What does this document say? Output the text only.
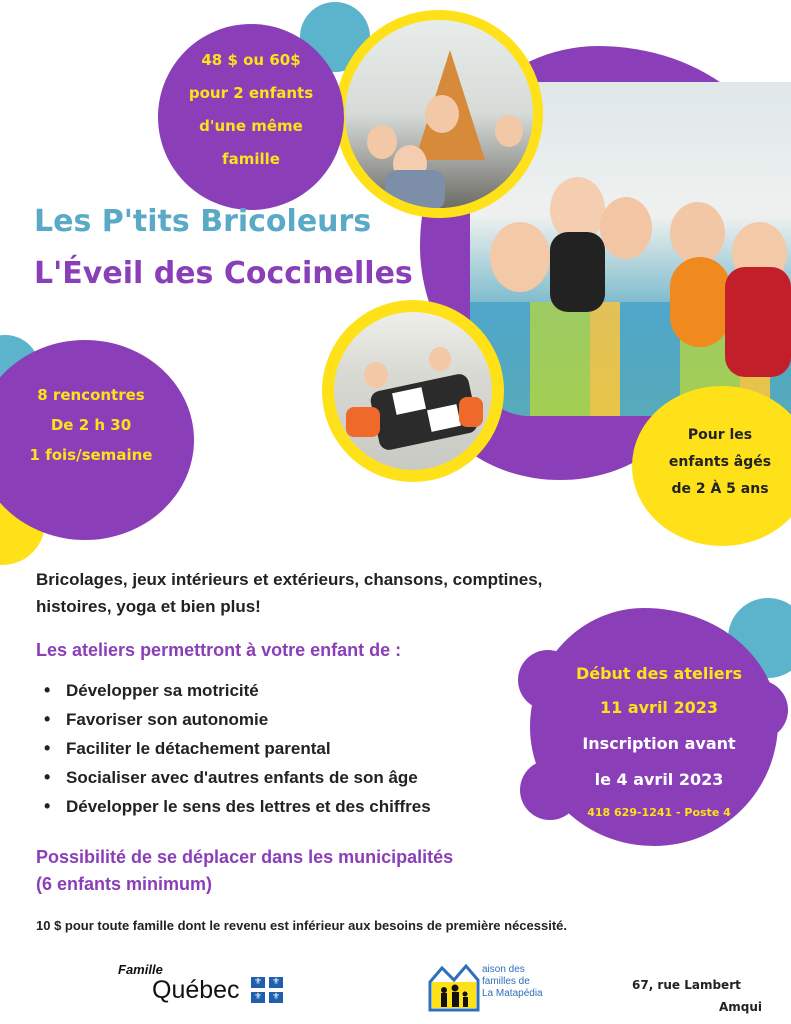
48 $ ou 60$
pour 2 enfants
d'une même
famille
Les P'tits Bricoleurs
L'Éveil des Coccinelles
8 rencontres
De 2 h 30
1 fois/semaine
Pour les
enfants âgés
de 2 À 5 ans
Bricolages, jeux intérieurs et extérieurs, chansons, comptines,
histoires, yoga et bien plus!
Les ateliers permettront à votre enfant de :
• Développer sa motricité
• Favoriser son autonomie
• Faciliter le détachement parental
• Socialiser avec d'autres enfants de son âge
• Développer le sens des lettres et des chiffres
Début des ateliers
11 avril 2023
Inscription avant
le 4 avril 2023
418 629-1241 - Poste 4
Possibilité de se déplacer dans les municipalités
(6 enfants minimum)
10 $ pour toute famille dont le revenu est inférieur aux besoins de première nécessité.
Famille
Québec	⚜	⚜
⚜	⚜
aison des
familles de
La Matapédia
67, rue Lambert
Amqui
